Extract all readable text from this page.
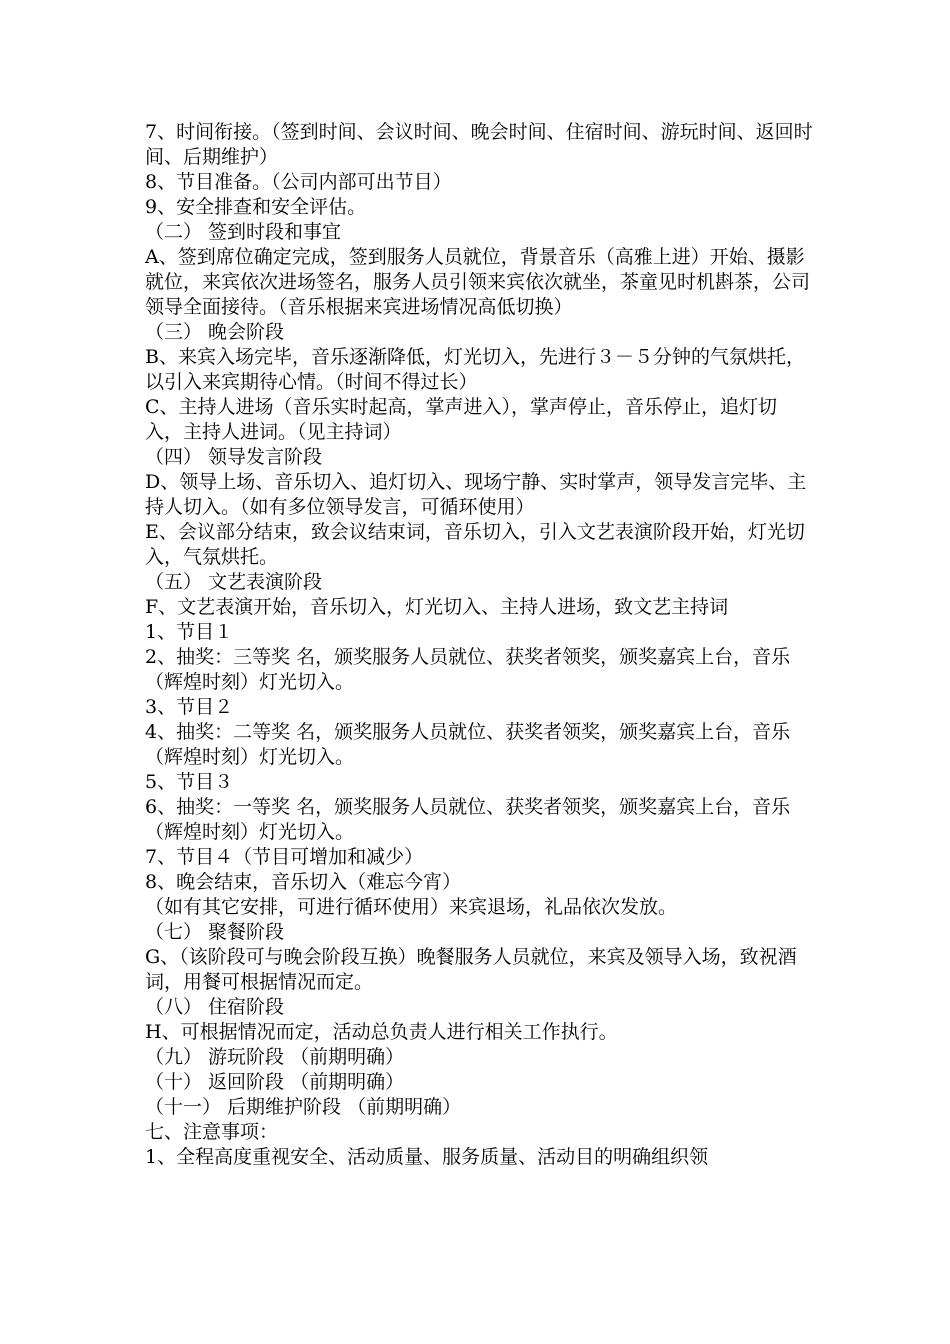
7、时间衔接。（签到时间、会议时间、晚会时间、住宿时间、游玩时间、返回时间、后期维护）

8、节目准备。（公司内部可出节目）

9、安全排查和安全评估。

（二） 签到时段和事宜

A、签到席位确定完成，签到服务人员就位，背景音乐（高雅上进）开始、摄影就位，来宾依次进场签名，服务人员引领来宾依次就坐，茶童见时机斟茶，公司领导全面接待。（音乐根据来宾进场情况高低切换）

（三） 晚会阶段

B、来宾入场完毕，音乐逐渐降低，灯光切入，先进行３－５分钟的气氛烘托，以引入来宾期待心情。（时间不得过长）

C、主持人进场（音乐实时起高，掌声进入），掌声停止，音乐停止，追灯切入，主持人进词。（见主持词）

（四） 领导发言阶段

D、领导上场、音乐切入、追灯切入、现场宁静、实时掌声，领导发言完毕、主持人切入。（如有多位领导发言，可循环使用）

E、会议部分结束，致会议结束词，音乐切入，引入文艺表演阶段开始，灯光切入，气氛烘托。

（五） 文艺表演阶段

F、文艺表演开始，音乐切入，灯光切入、主持人进场，致文艺主持词

1、节目１

2、抽奖：三等奖 名，颁奖服务人员就位、获奖者领奖，颁奖嘉宾上台，音乐（辉煌时刻）灯光切入。

3、节目２

4、抽奖：二等奖 名，颁奖服务人员就位、获奖者领奖，颁奖嘉宾上台，音乐（辉煌时刻）灯光切入。

5、节目３

6、抽奖：一等奖 名，颁奖服务人员就位、获奖者领奖，颁奖嘉宾上台，音乐（辉煌时刻）灯光切入。

7、节目４（节目可增加和减少）

8、晚会结束，音乐切入（难忘今宵）

（如有其它安排，可进行循环使用）来宾退场，礼品依次发放。

（七） 聚餐阶段

G、（该阶段可与晚会阶段互换）晚餐服务人员就位，来宾及领导入场，致祝酒词，用餐可根据情况而定。

（八） 住宿阶段

H、可根据情况而定，活动总负责人进行相关工作执行。

（九） 游玩阶段 （前期明确）

（十） 返回阶段 （前期明确）

（十一） 后期维护阶段 （前期明确）

七、注意事项：

1、全程高度重视安全、活动质量、服务质量、活动目的明确组织领
